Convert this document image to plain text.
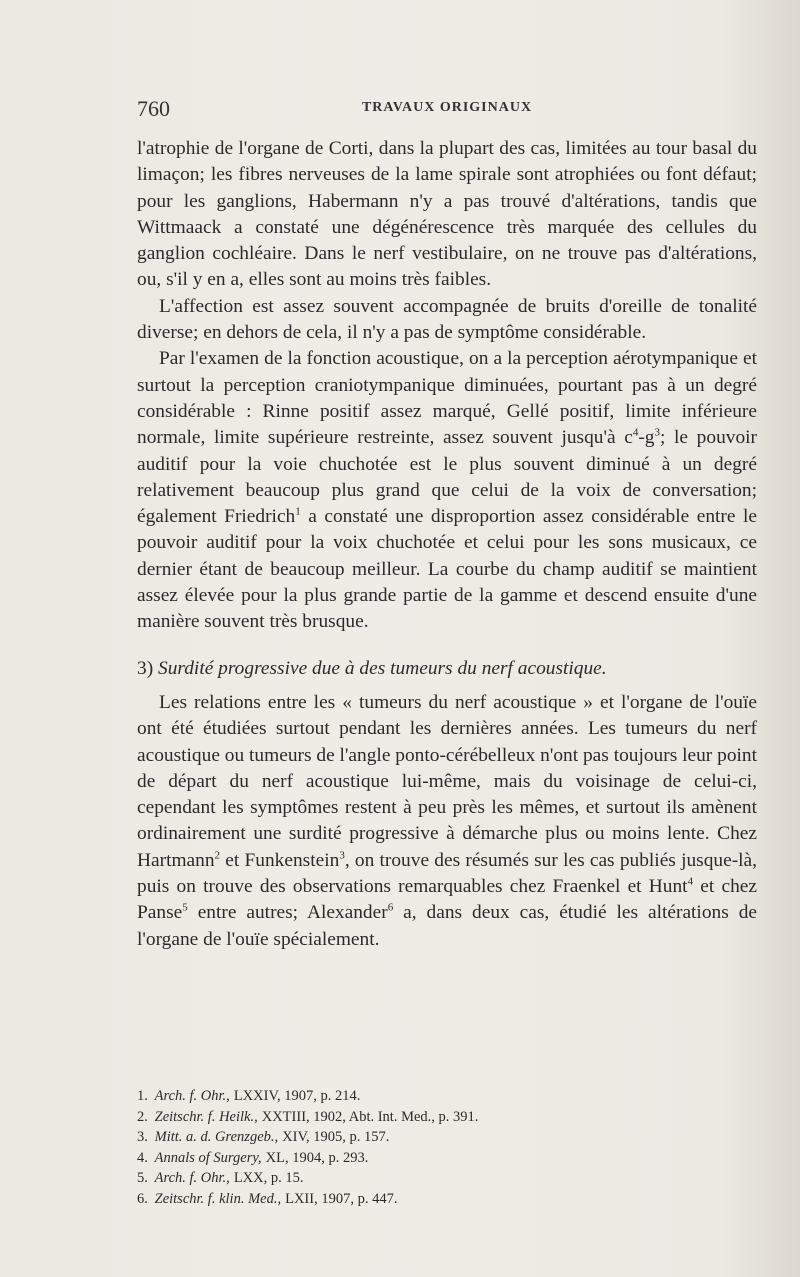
760	TRAVAUX ORIGINAUX

l'atrophie de l'organe de Corti, dans la plupart des cas, limitées au tour basal du limaçon; les fibres nerveuses de la lame spirale sont atrophiées ou font défaut; pour les ganglions, Habermann n'y a pas trouvé d'altérations, tandis que Wittmaack a constaté une dégénérescence très marquée des cellules du ganglion cochléaire. Dans le nerf vestibulaire, on ne trouve pas d'altérations, ou, s'il y en a, elles sont au moins très faibles.

L'affection est assez souvent accompagnée de bruits d'oreille de tonalité diverse; en dehors de cela, il n'y a pas de symptôme considérable.

Par l'examen de la fonction acoustique, on a la perception aérotympanique et surtout la perception craniotympanique diminuées, pourtant pas à un degré considérable : Rinne positif assez marqué, Gellé positif, limite inférieure normale, limite supérieure restreinte, assez souvent jusqu'à $c^4-g^3$; le pouvoir auditif pour la voie chuchotée est le plus souvent diminué à un degré relativement beaucoup plus grand que celui de la voix de conversation; également Friedrich$^1$ a constaté une disproportion assez considérable entre le pouvoir auditif pour la voix chuchotée et celui pour les sons musicaux, ce dernier étant de beaucoup meilleur. La courbe du champ auditif se maintient assez élevée pour la plus grande partie de la gamme et descend ensuite d'une manière souvent très brusque.

3) Surdité progressive due à des tumeurs du nerf acoustique.

Les relations entre les « tumeurs du nerf acoustique » et l'organe de l'ouïe ont été étudiées surtout pendant les dernières années. Les tumeurs du nerf acoustique ou tumeurs de l'angle ponto-cérébelleux n'ont pas toujours leur point de départ du nerf acoustique lui-même, mais du voisinage de celui-ci, cependant les symptômes restent à peu près les mêmes, et surtout ils amènent ordinairement une surdité progressive à démarche plus ou moins lente. Chez Hartmann$^2$ et Funkenstein$^3$, on trouve des résumés sur les cas publiés jusque-là, puis on trouve des observations remarquables chez Fraenkel et Hunt$^4$ et chez Panse$^5$ entre autres; Alexander$^6$ a, dans deux cas, étudié les altérations de l'organe de l'ouïe spécialement.

1.
Arch. f. Ohr., LXXIV, 1907, p. 214.
2.
Zeitschr. f. Heilk., XXTIII, 1902, Abt. Int. Med., p. 391.
3.
Mitt. a. d. Grenzgeb., XIV, 1905, p. 157.
4.
Annals of Surgery, XL, 1904, p. 293.
5.
Arch. f. Ohr., LXX, p. 15.
6.
Zeitschr. f. klin. Med., LXII, 1907, p. 447.
